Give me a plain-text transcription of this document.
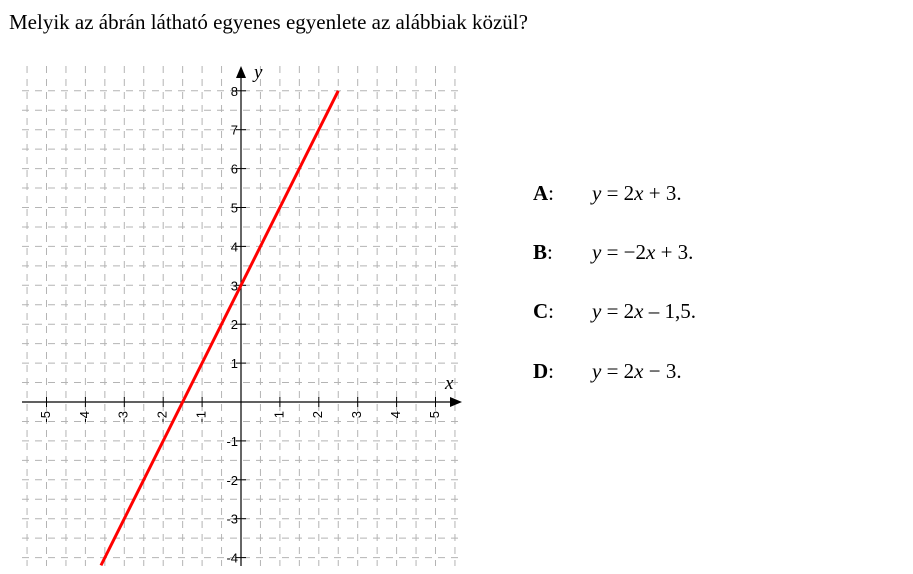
Melyik az ábrán látható egyenes egyenlete az alábbiak közül?
x
y
-5 -4 -3 -2 -1	1 2 3 4 5
-4
-3
-2
-1
1
2
3
4
5
6
7
8
A: y = 2x + 3.
B: y = −2x + 3.
C: y = 2x – 1,5.
D: y = 2x − 3.
